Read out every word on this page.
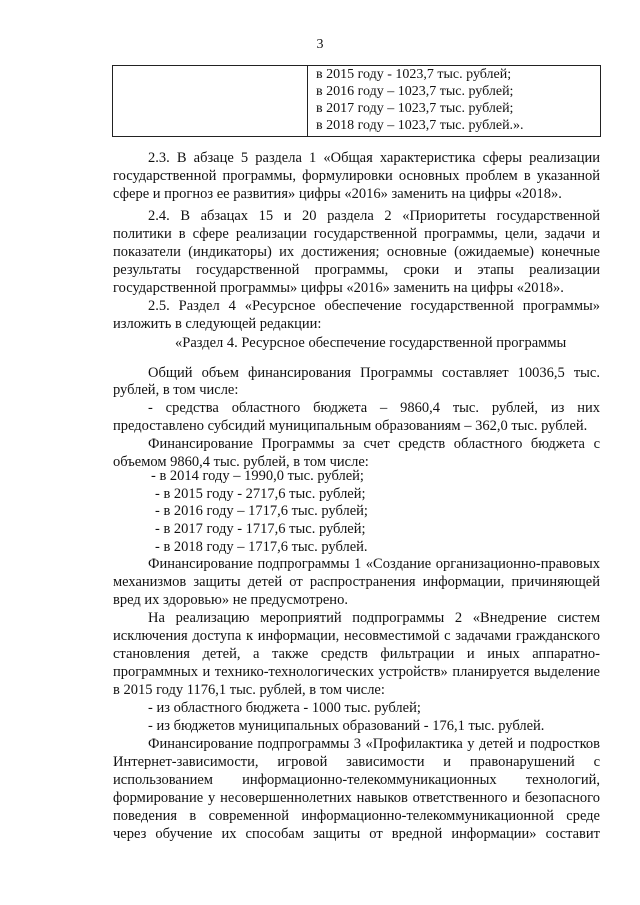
3

в 2015 году - 1023,7 тыс. рублей;
в 2016 году – 1023,7 тыс. рублей;
в 2017 году – 1023,7 тыс. рублей;
в 2018 году – 1023,7 тыс. рублей.».
2.3. В абзаце 5 раздела 1 «Общая характеристика сферы реализации
государственной программы, формулировки основных проблем в указанной
сфере и прогноз ее развития» цифры «2016» заменить на цифры «2018».
2.4. В абзацах 15 и 20 раздела 2 «Приоритеты государственной
политики в сфере реализации государственной программы, цели, задачи и
показатели (индикаторы) их достижения; основные (ожидаемые) конечные
результаты государственной программы, сроки и этапы реализации
государственной программы» цифры «2016» заменить на цифры «2018».
2.5. Раздел 4 «Ресурсное обеспечение государственной программы»
изложить в следующей редакции:
«Раздел 4. Ресурсное обеспечение государственной программы
Общий объем финансирования Программы составляет 10036,5 тыс.
рублей, в том числе:
- средства областного бюджета – 9860,4 тыс. рублей, из них
предоставлено субсидий муниципальным образованиям – 362,0 тыс. рублей.
Финансирование Программы за счет средств областного бюджета с
объемом 9860,4 тыс. рублей, в том числе:
- в 2014 году – 1990,0 тыс. рублей;
- в 2015 году - 2717,6 тыс. рублей;
- в 2016 году – 1717,6 тыс. рублей;
- в 2017 году - 1717,6 тыс. рублей;
- в 2018 году – 1717,6 тыс. рублей.
Финансирование подпрограммы 1 «Создание организационно-правовых
механизмов защиты детей от распространения информации, причиняющей
вред их здоровью» не предусмотрено.
На реализацию мероприятий подпрограммы 2 «Внедрение систем
исключения доступа к информации, несовместимой с задачами гражданского
становления детей, а также средств фильтрации и иных аппаратно-
программных и технико-технологических устройств» планируется выделение
в 2015 году 1176,1 тыс. рублей, в том числе:
- из областного бюджета - 1000 тыс. рублей;
- из бюджетов муниципальных образований - 176,1 тыс. рублей.
Финансирование подпрограммы 3 «Профилактика у детей и подростков
Интернет-зависимости, игровой зависимости и правонарушений с
использованием информационно-телекоммуникационных технологий,
формирование у несовершеннолетних навыков ответственного и безопасного
поведения в современной информационно-телекоммуникационной среде
через обучение их способам защиты от вредной информации» составит
